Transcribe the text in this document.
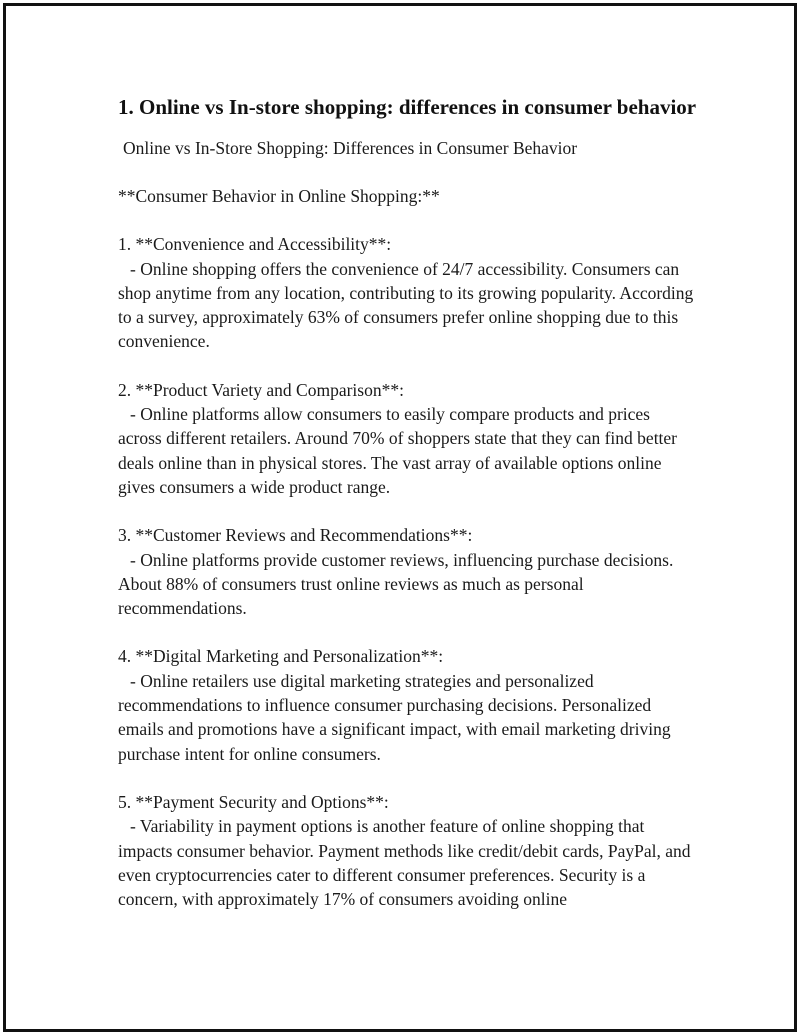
1. Online vs In-store shopping: differences in consumer behavior

Online vs In-Store Shopping: Differences in Consumer Behavior

**Consumer Behavior in Online Shopping:**

1. **Convenience and Accessibility**:

- Online shopping offers the convenience of 24/7 accessibility. Consumers can shop anytime from any location, contributing to its growing popularity. According to a survey, approximately 63% of consumers prefer online shopping due to this convenience.

2. **Product Variety and Comparison**:

- Online platforms allow consumers to easily compare products and prices across different retailers. Around 70% of shoppers state that they can find better deals online than in physical stores. The vast array of available options online gives consumers a wide product range.

3. **Customer Reviews and Recommendations**:

- Online platforms provide customer reviews, influencing purchase decisions. About 88% of consumers trust online reviews as much as personal recommendations.

4. **Digital Marketing and Personalization**:

- Online retailers use digital marketing strategies and personalized recommendations to influence consumer purchasing decisions. Personalized emails and promotions have a significant impact, with email marketing driving purchase intent for online consumers.

5. **Payment Security and Options**:

- Variability in payment options is another feature of online shopping that impacts consumer behavior. Payment methods like credit/debit cards, PayPal, and even cryptocurrencies cater to different consumer preferences. Security is a concern, with approximately 17% of consumers avoiding online
